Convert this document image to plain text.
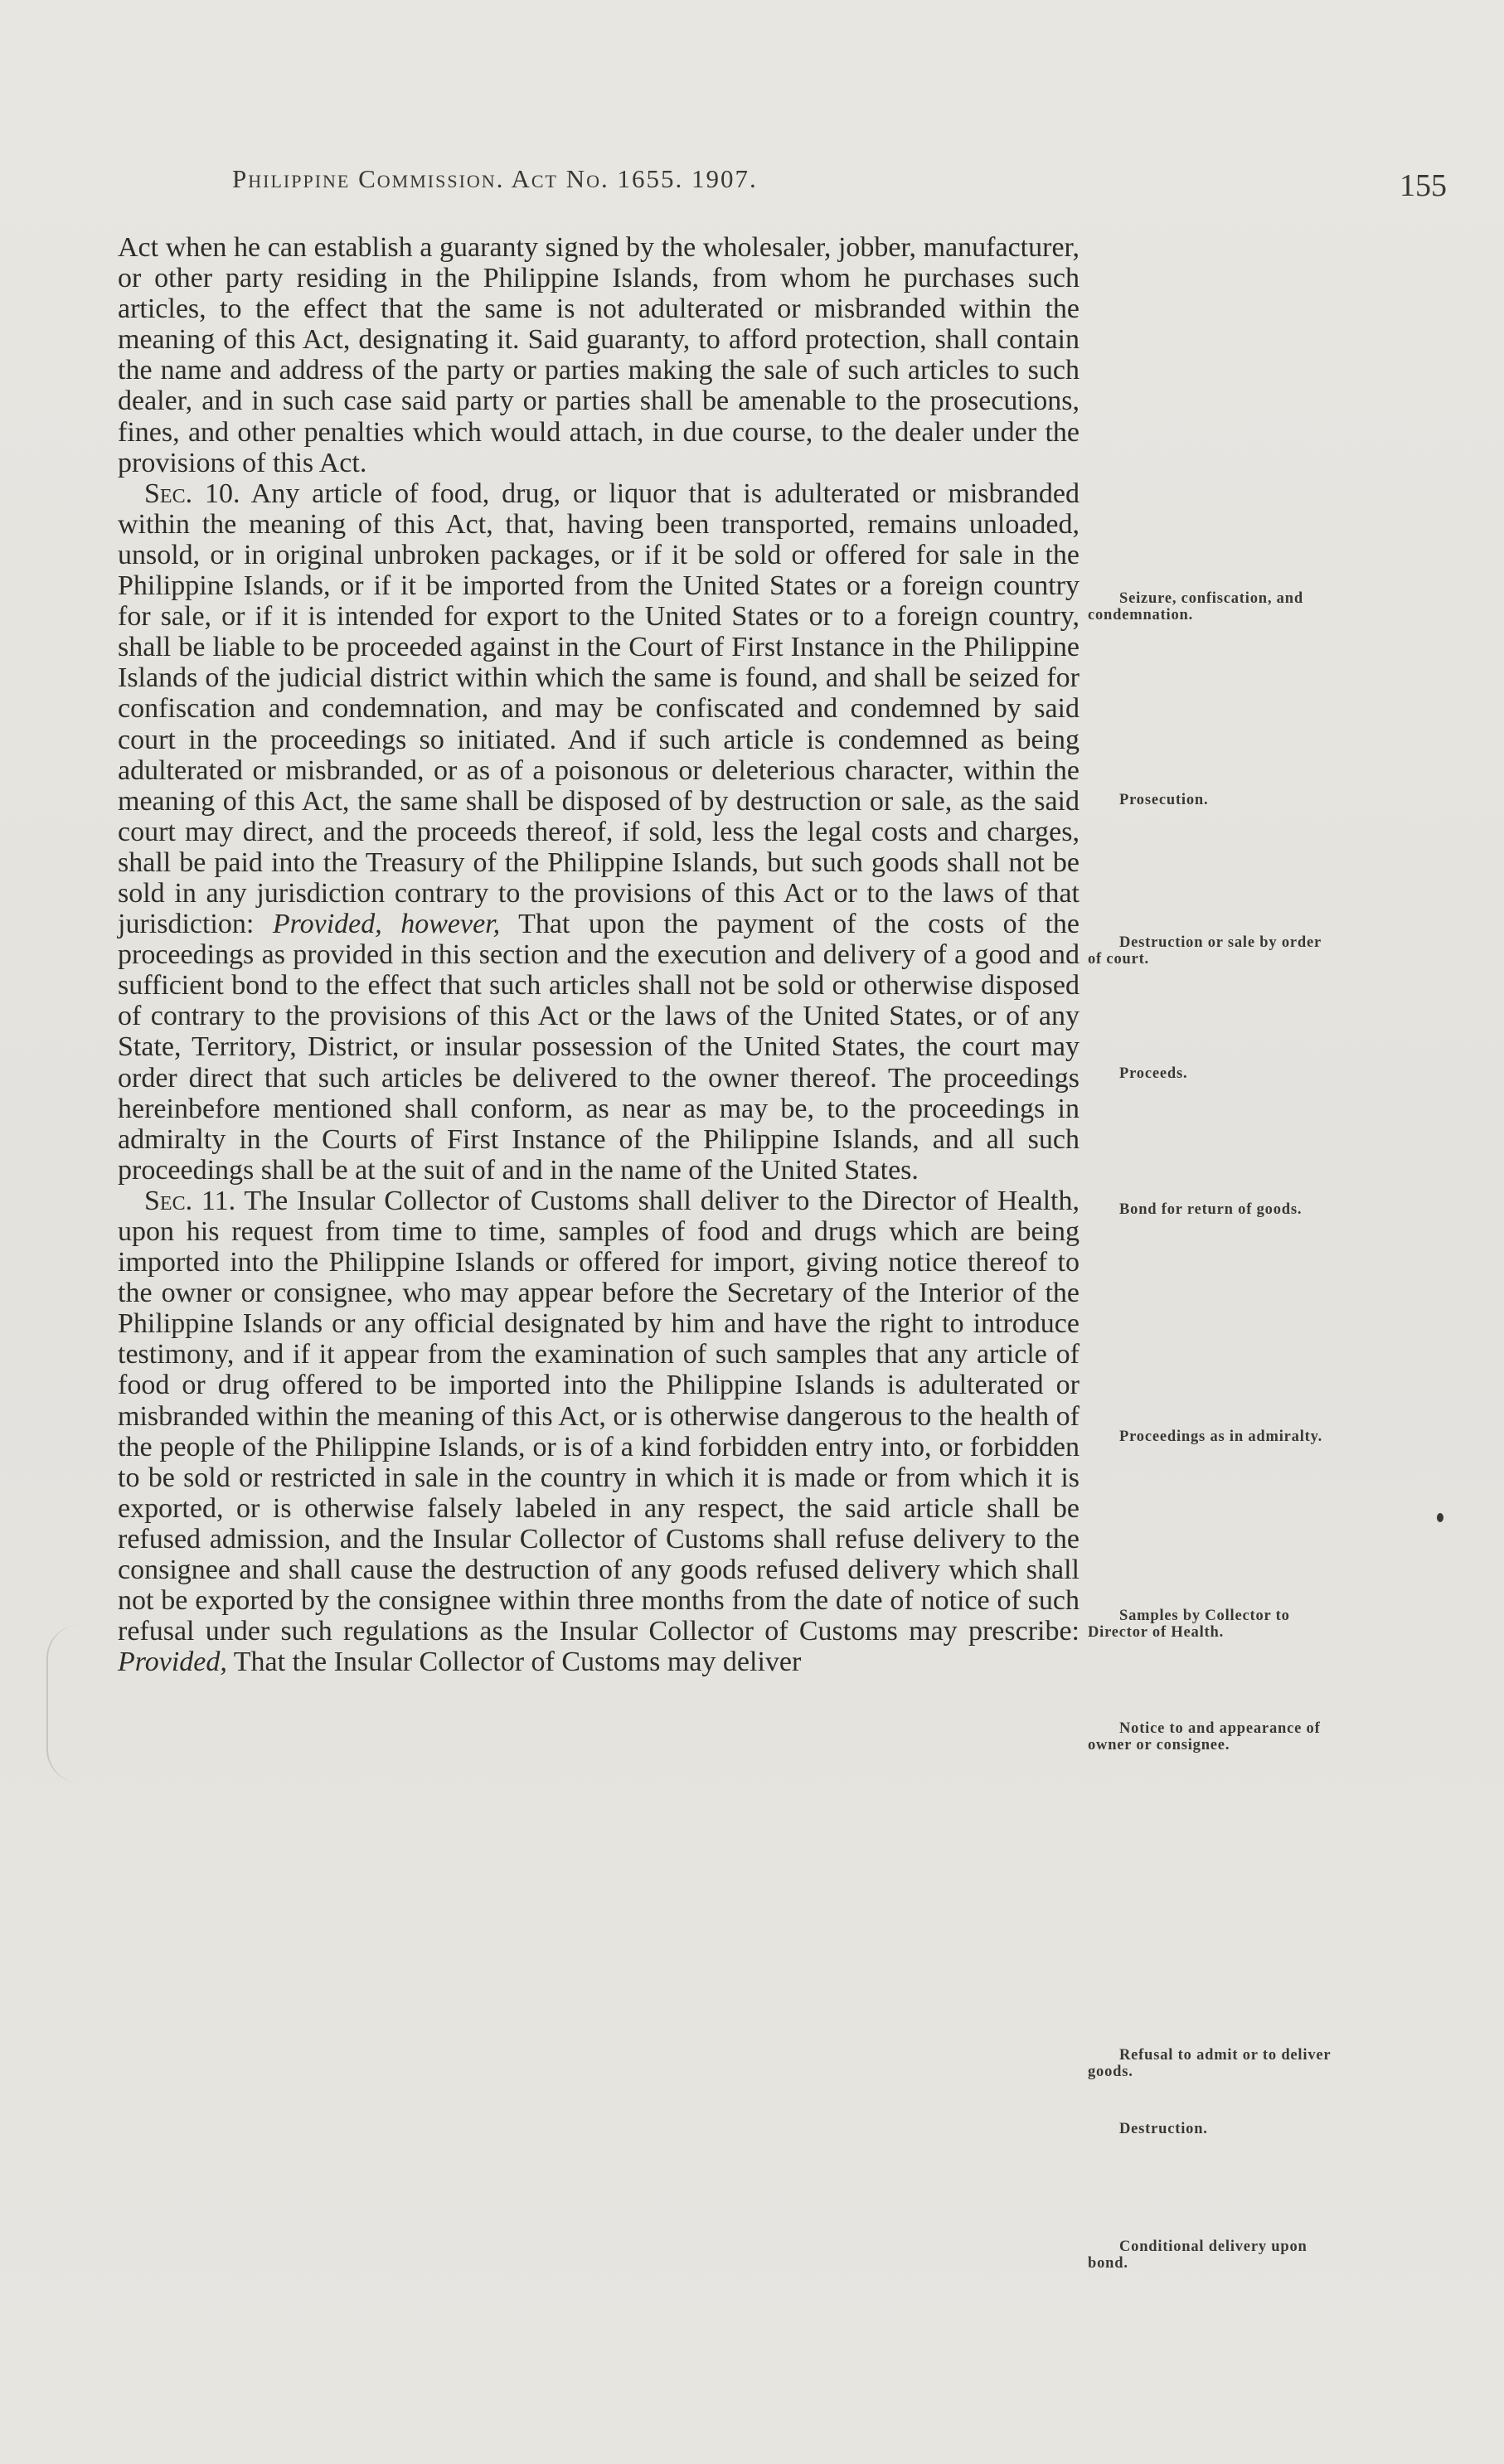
Philippine Commission. Act No. 1655. 1907.	155

Act when he can establish a guaranty signed by the wholesaler, jobber, manufacturer, or other party residing in the Philippine Islands, from whom he purchases such articles, to the effect that the same is not adulterated or misbranded within the meaning of this Act, designating it. Said guaranty, to afford protection, shall contain the name and address of the party or parties making the sale of such articles to such dealer, and in such case said party or parties shall be amenable to the prosecutions, fines, and other penalties which would attach, in due course, to the dealer under the provisions of this Act.

Sec. 10. Any article of food, drug, or liquor that is adulterated or misbranded within the meaning of this Act, that, having been transported, remains unloaded, unsold, or in original unbroken packages, or if it be sold or offered for sale in the Philippine Islands, or if it be imported from the United States or a foreign country for sale, or if it is intended for export to the United States or to a foreign country, shall be liable to be proceeded against in the Court of First Instance in the Philippine Islands of the judicial district within which the same is found, and shall be seized for confiscation and condemnation, and may be confiscated and condemned by said court in the proceedings so initiated. And if such article is condemned as being adulterated or misbranded, or as of a poisonous or deleterious character, within the meaning of this Act, the same shall be disposed of by destruction or sale, as the said court may direct, and the proceeds thereof, if sold, less the legal costs and charges, shall be paid into the Treasury of the Philippine Islands, but such goods shall not be sold in any jurisdiction contrary to the provisions of this Act or to the laws of that jurisdiction: Provided, however, That upon the payment of the costs of the proceedings as provided in this section and the execution and delivery of a good and sufficient bond to the effect that such articles shall not be sold or otherwise disposed of contrary to the provisions of this Act or the laws of the United States, or of any State, Territory, District, or insular possession of the United States, the court may order direct that such articles be delivered to the owner thereof. The proceedings hereinbefore mentioned shall conform, as near as may be, to the proceedings in admiralty in the Courts of First Instance of the Philippine Islands, and all such proceedings shall be at the suit of and in the name of the United States.

Sec. 11. The Insular Collector of Customs shall deliver to the Director of Health, upon his request from time to time, samples of food and drugs which are being imported into the Philippine Islands or offered for import, giving notice thereof to the owner or consignee, who may appear before the Secretary of the Interior of the Philippine Islands or any official designated by him and have the right to introduce testimony, and if it appear from the examination of such samples that any article of food or drug offered to be imported into the Philippine Islands is adulterated or misbranded within the meaning of this Act, or is otherwise dangerous to the health of the people of the Philippine Islands, or is of a kind forbidden entry into, or forbidden to be sold or restricted in sale in the country in which it is made or from which it is exported, or is otherwise falsely labeled in any respect, the said article shall be refused admission, and the Insular Collector of Customs shall refuse delivery to the consignee and shall cause the destruction of any goods refused delivery which shall not be exported by the consignee within three months from the date of notice of such refusal under such regulations as the Insular Collector of Customs may prescribe: Provided, That the Insular Collector of Customs may deliver

Seizure, confiscation, and condemnation.
Prosecution.
Destruction or sale by order of court.
Proceeds.
Bond for return of goods.
Proceedings as in admiralty.
Samples by Collector to Director of Health.
Notice to and appearance of owner or consignee.
Refusal to admit or to deliver goods.
Destruction.
Conditional delivery upon bond.
